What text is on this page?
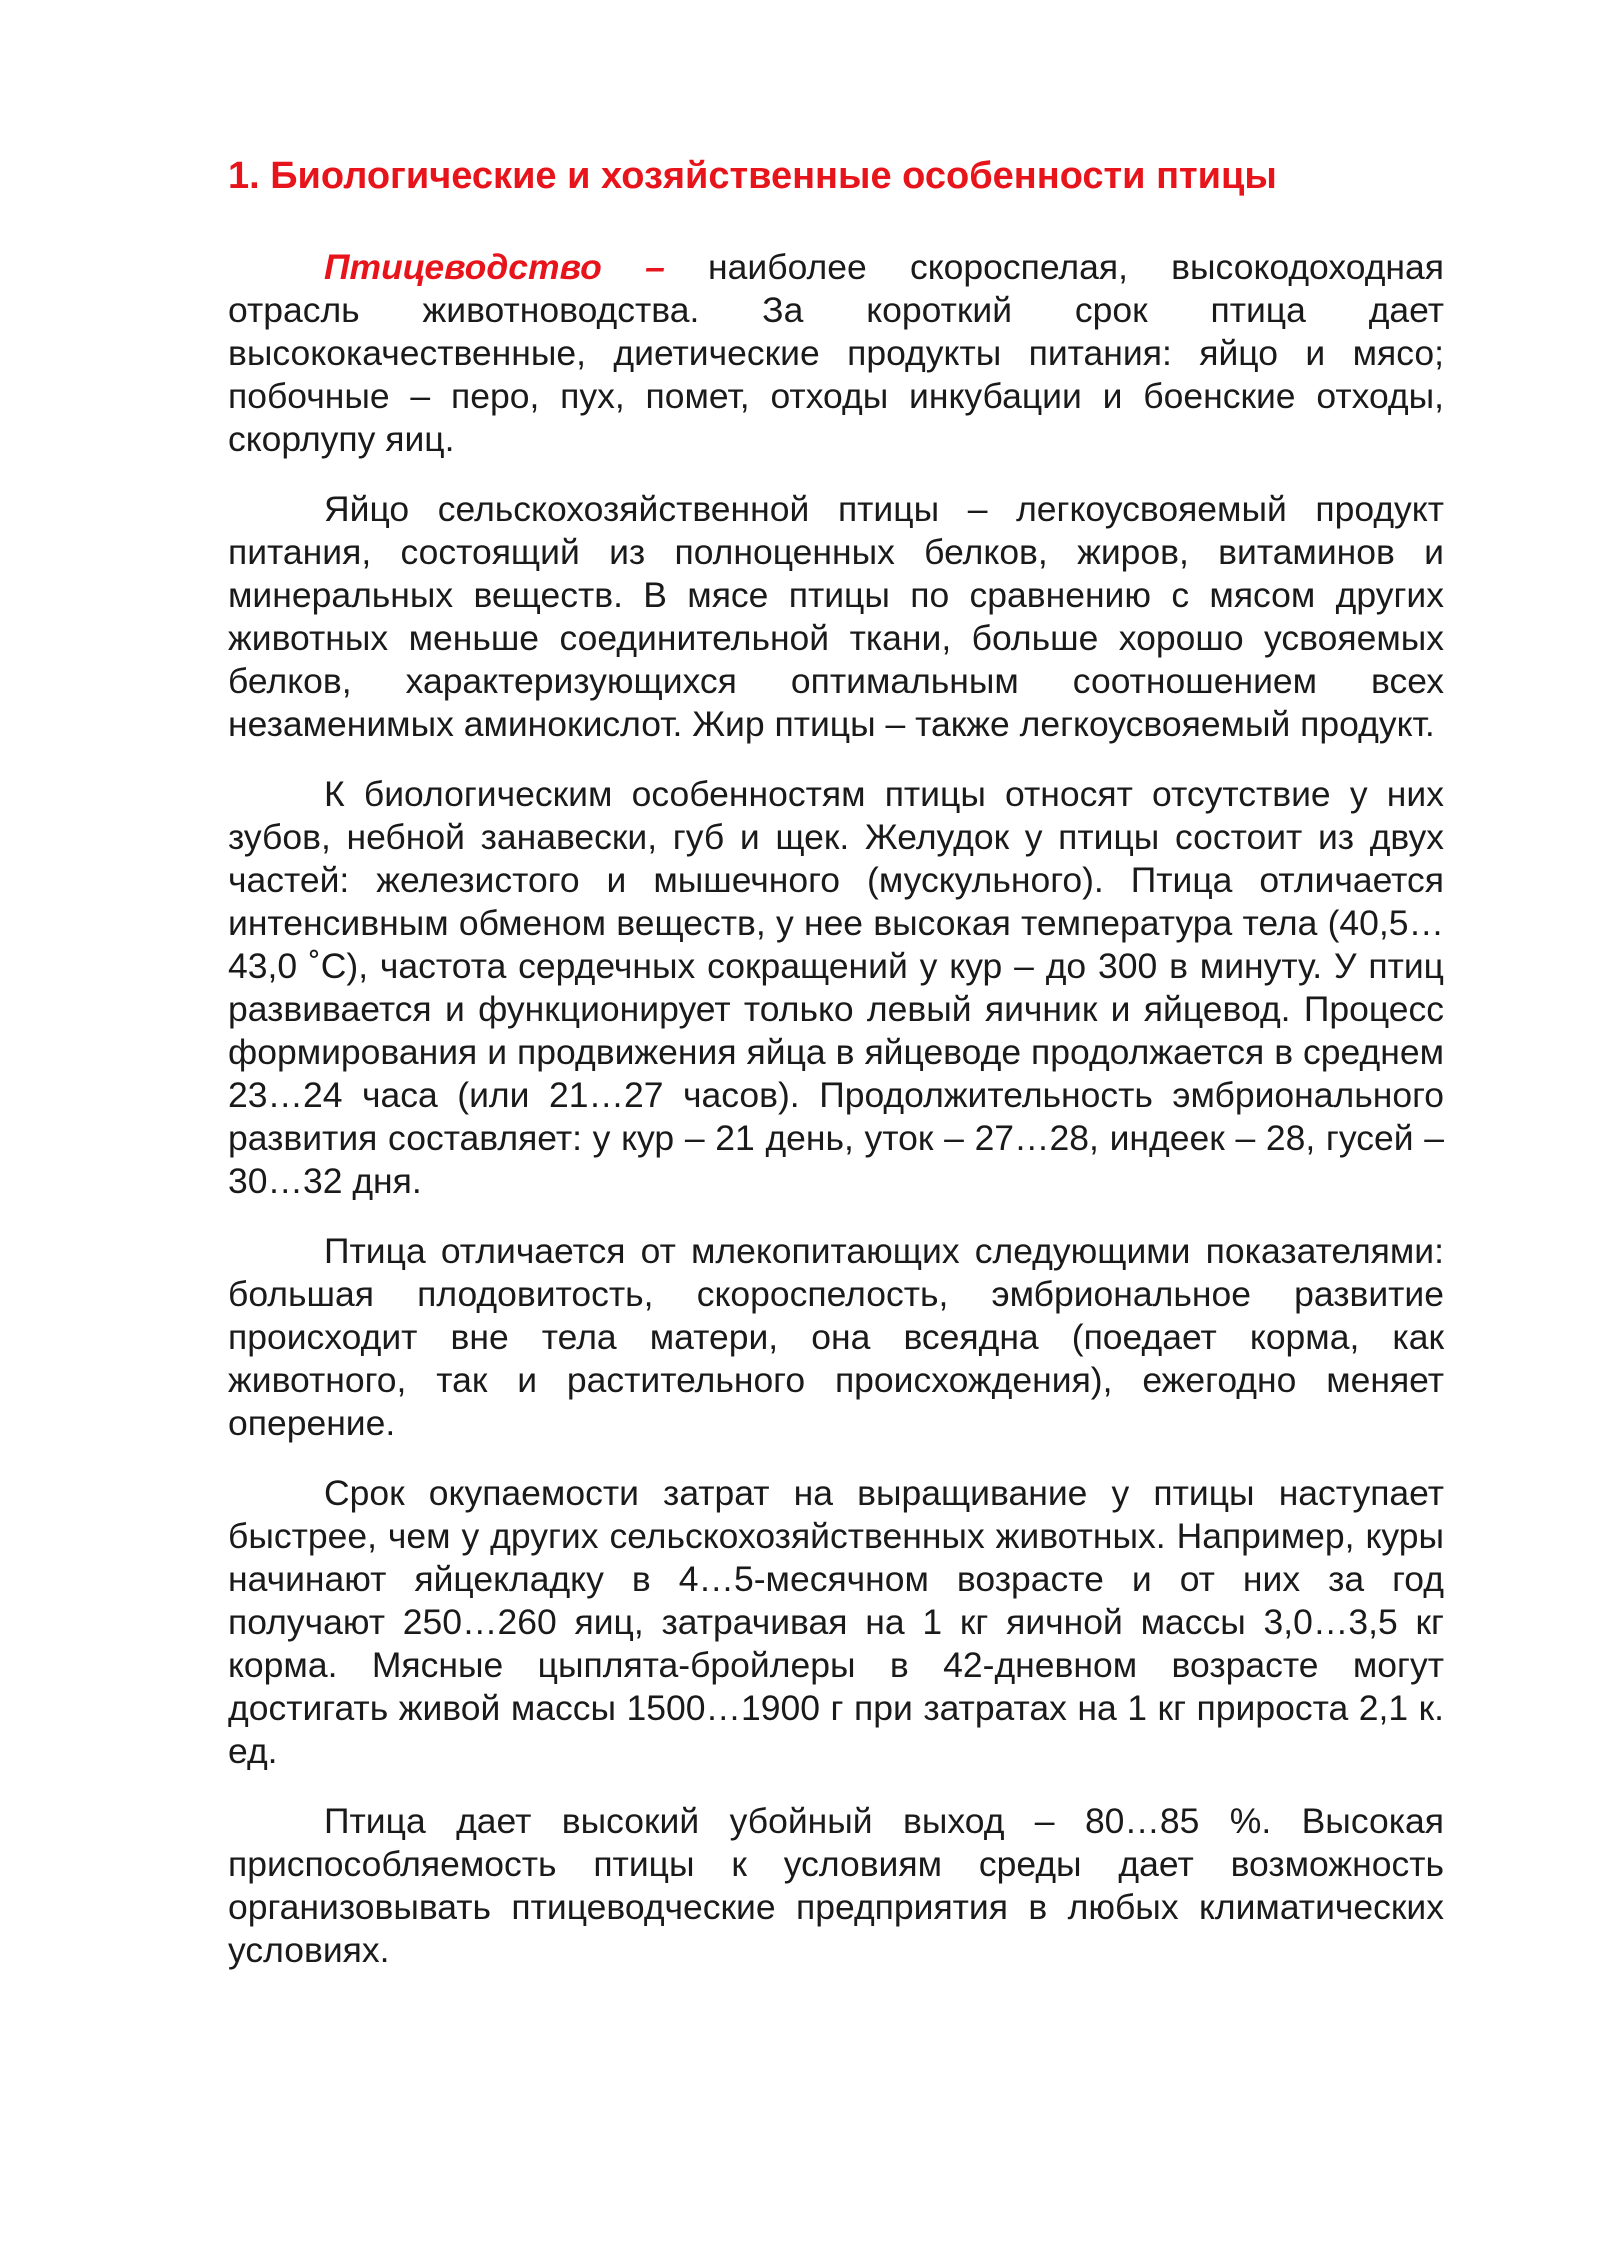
1. Биологические и хозяйственные особенности птицы

Птицеводство – наиболее скороспелая, высокодоходная отрасль животноводства. За короткий срок птица дает высококачественные, диетические продукты питания: яйцо и мясо; побочные – перо, пух, помет, отходы инкубации и боенские отходы, скорлупу яиц.

Яйцо сельскохозяйственной птицы – легкоусвояемый продукт питания, состоящий из полноценных белков, жиров, витаминов и минеральных веществ. В мясе птицы по сравнению с мясом других животных меньше соединительной ткани, больше хорошо усвояемых белков, характеризующихся оптимальным соотношением всех незаменимых аминокислот. Жир птицы – также легкоусвояемый продукт.

К биологическим особенностям птицы относят отсутствие у них зубов, небной занавески, губ и щек. Желудок у птицы состоит из двух частей: железистого и мышечного (мускульного). Птица отличается интенсивным обменом веществ, у нее высокая температура тела (40,5…43,0 ˚С), частота сердечных сокращений у кур – до 300 в минуту. У птиц развивается и функционирует только левый яичник и яйцевод. Процесс формирования и продвижения яйца в яйцеводе продолжается в среднем 23…24 часа (или 21…27 часов). Продолжительность эмбрионального развития составляет: у кур – 21 день, уток – 27…28, индеек – 28, гусей – 30…32 дня.

Птица отличается от млекопитающих следующими показателями: большая плодовитость, скороспелость, эмбриональное развитие происходит вне тела матери, она всеядна (поедает корма, как животного, так и растительного происхождения), ежегодно меняет оперение.

Срок окупаемости затрат на выращивание у птицы наступает быстрее, чем у других сельскохозяйственных животных. Например, куры начинают яйцекладку в 4…5-месячном возрасте и от них за год получают 250…260 яиц, затрачивая на 1 кг яичной массы 3,0…3,5 кг корма. Мясные цыплята-бройлеры в 42-дневном возрасте могут достигать живой массы 1500…1900 г при затратах на 1 кг прироста 2,1 к. ед.

Птица дает высокий убойный выход – 80…85 %. Высокая приспособляемость птицы к условиям среды дает возможность организовывать птицеводческие предприятия в любых климатических условиях.
